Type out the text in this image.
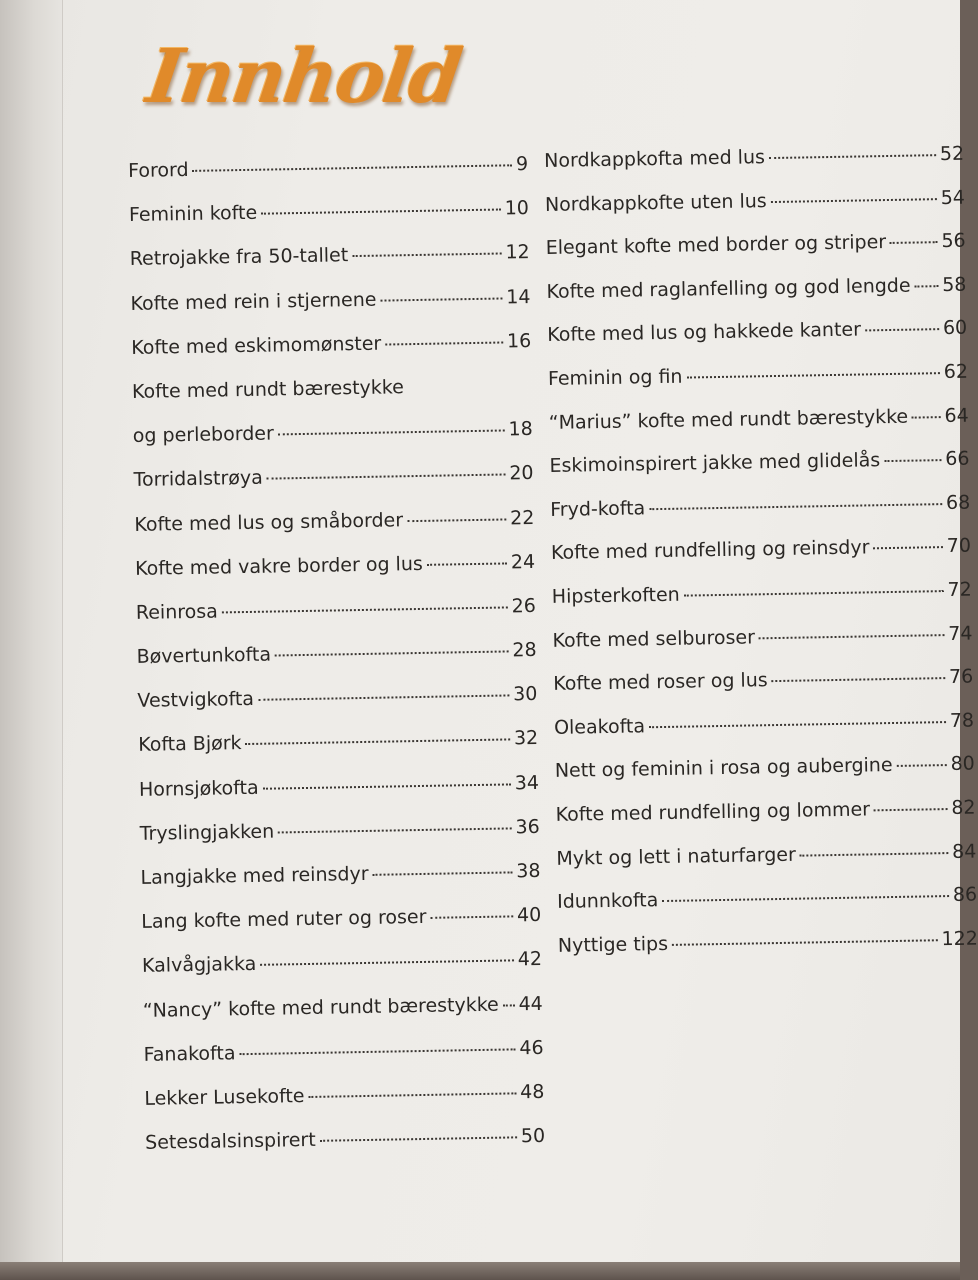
Innhold
Forord	9
Feminin kofte	10
Retrojakke fra 50-tallet	12
Kofte med rein i stjernene	14
Kofte med eskimomønster	16
Kofte med rundt bærestykke
og perleborder	18
Torridalstrøya	20
Kofte med lus og småborder	22
Kofte med vakre border og lus	24
Reinrosa	26
Bøvertunkofta	28
Vestvigkofta	30
Kofta Bjørk	32
Hornsjøkofta	34
Tryslingjakken	36
Langjakke med reinsdyr	38
Lang kofte med ruter og roser	40
Kalvågjakka	42
“Nancy” kofte med rundt bærestykke 44
Fanakofta	46
Lekker Lusekofte	48
Setesdalsinspirert	50
Nordkappkofta med lus	52
Nordkappkofte uten lus	54
Elegant kofte med border og striper	56
Kofte med raglanfelling og god lengde 58
Kofte med lus og hakkede kanter	60
Feminin og fin	62
“Marius” kofte med rundt bærestykke 64
Eskimoinspirert jakke med glidelås	66
Fryd-kofta	68
Kofte med rundfelling og reinsdyr	70
Hipsterkoften	72
Kofte med selburoser	74
Kofte med roser og lus	76
Oleakofta	78
Nett og feminin i rosa og aubergine	80
Kofte med rundfelling og lommer	82
Mykt og lett i naturfarger	84
Idunnkofta	86
Nyttige tips	122
